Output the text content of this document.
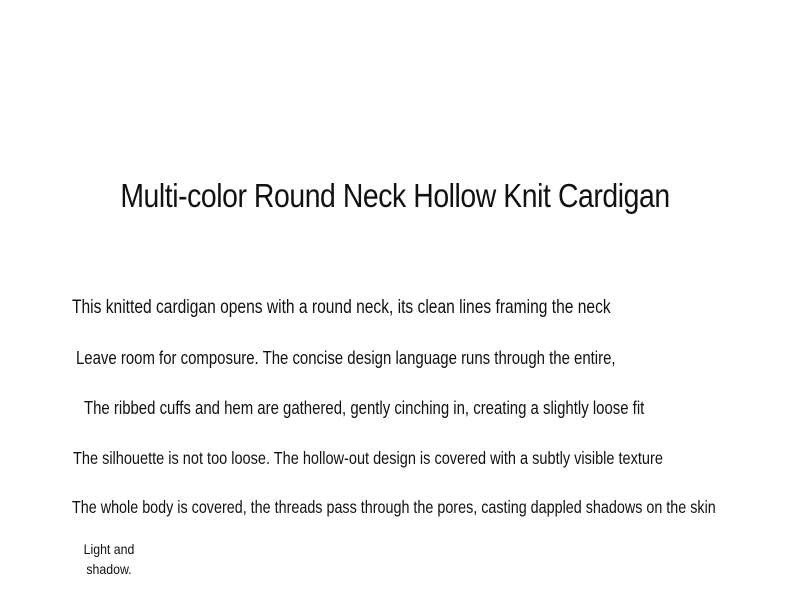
Multi-color Round Neck Hollow Knit Cardigan
This knitted cardigan opens with a round neck, its clean lines framing the neck
Leave room for composure. The concise design language runs through the entire,
The ribbed cuffs and hem are gathered, gently cinching in, creating a slightly loose fit
The silhouette is not too loose. The hollow-out design is covered with a subtly visible texture
The whole body is covered, the threads pass through the pores, casting dappled shadows on the skin
Light and
shadow.
